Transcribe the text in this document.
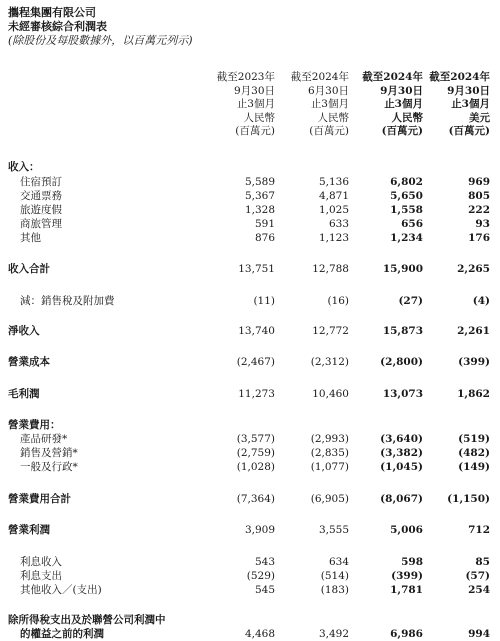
攜程集團有限公司
未經審核綜合利潤表
(除股份及每股數據外，以百萬元列示)
截至2023年
9月30日
止3個月
人民幣
(百萬元)
截至2024年
6月30日
止3個月
人民幣
(百萬元)
截至2024年
9月30日
止3個月
人民幣
(百萬元)
截至2024年
9月30日
止3個月
美元
(百萬元)
收入：
住宿預訂	5,589	5,136	6,802	969
交通票務	5,367	4,871	5,650	805
旅遊度假	1,328	1,025	1,558	222
商旅管理	591	633	656	93
其他	876	1,123	1,234	176
收入合計	13,751	12,788	15,900	2,265
減：銷售稅及附加費	(11)	(16)	(27)	(4)
淨收入	13,740	12,772	15,873	2,261
營業成本	(2,467)	(2,312)	(2,800)	(399)
毛利潤	11,273	10,460	13,073	1,862
營業費用：
產品研發*	(3,577)	(2,993)	(3,640)	(519)
銷售及營銷*	(2,759)	(2,835)	(3,382)	(482)
一般及行政*	(1,028)	(1,077)	(1,045)	(149)
營業費用合計	(7,364)	(6,905)	(8,067)	(1,150)
營業利潤	3,909	3,555	5,006	712
利息收入	543	634	598	85
利息支出	(529)	(514)	(399)	(57)
其他收入／(支出)	545	(183)	1,781	254
除所得稅支出及於聯營公司利潤中
的權益之前的利潤	4,468	3,492	6,986	994
